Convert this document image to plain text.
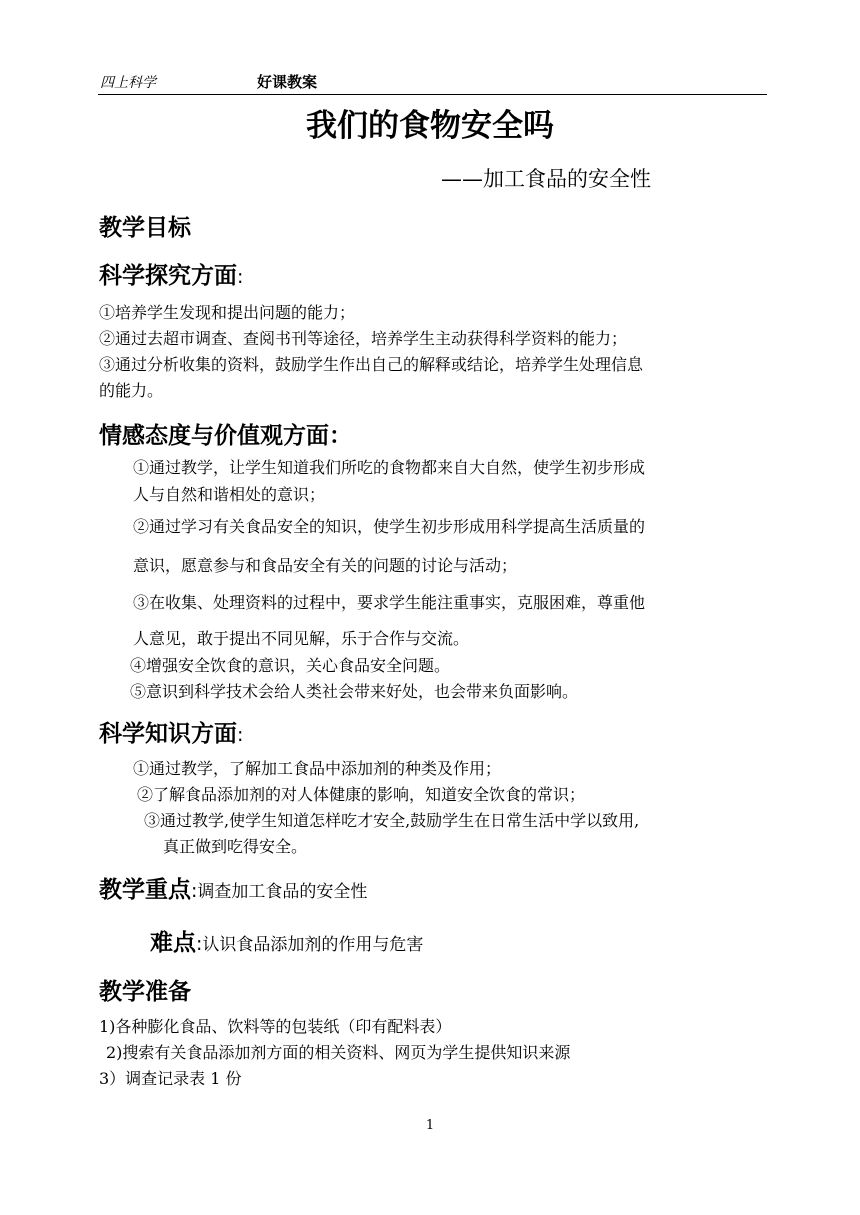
四上科学	好课教案
我们的食物安全吗
——加工食品的安全性
教学目标
科学探究方面:
①培养学生发现和提出问题的能力；
②通过去超市调查、查阅书刊等途径，培养学生主动获得科学资料的能力；
③通过分析收集的资料，鼓励学生作出自己的解释或结论，培养学生处理信息
的能力。
情感态度与价值观方面：
①通过教学，让学生知道我们所吃的食物都来自大自然，使学生初步形成
人与自然和谐相处的意识；
②通过学习有关食品安全的知识，使学生初步形成用科学提高生活质量的
意识，愿意参与和食品安全有关的问题的讨论与活动；
③在收集、处理资料的过程中，要求学生能注重事实，克服困难，尊重他
人意见，敢于提出不同见解，乐于合作与交流。
④增强安全饮食的意识，关心食品安全问题。
⑤意识到科学技术会给人类社会带来好处，也会带来负面影响。
科学知识方面:
①通过教学，了解加工食品中添加剂的种类及作用；
②了解食品添加剂的对人体健康的影响，知道安全饮食的常识；
③通过教学,使学生知道怎样吃才安全,鼓励学生在日常生活中学以致用,
真正做到吃得安全。
教学重点:调查加工食品的安全性
难点:认识食品添加剂的作用与危害
教学准备
1)各种膨化食品、饮料等的包装纸（印有配料表）
2)搜索有关食品添加剂方面的相关资料、网页为学生提供知识来源
3）调查记录表 1 份
1
